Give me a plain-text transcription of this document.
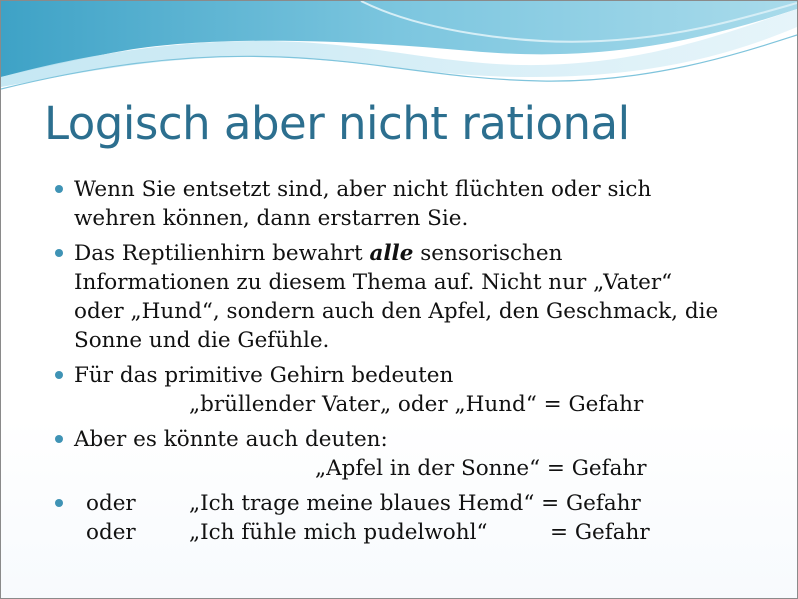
Logisch aber nicht rational
Wenn Sie entsetzt sind, aber nicht flüchten oder sich
wehren können, dann erstarren Sie.
Das Reptilienhirn bewahrt alle sensorischen
Informationen zu diesem Thema auf. Nicht nur „Vater“
oder „Hund“, sondern auch den Apfel, den Geschmack, die
Sonne und die Gefühle.
Für das primitive Gehirn bedeuten
„brüllender Vater„ oder „Hund“ = Gefahr
Aber es könnte auch deuten:
„Apfel in der Sonne“ = Gefahr
oder „Ich trage meine blaues Hemd“ = Gefahr
oder „Ich fühle mich pudelwohl“	= Gefahr
